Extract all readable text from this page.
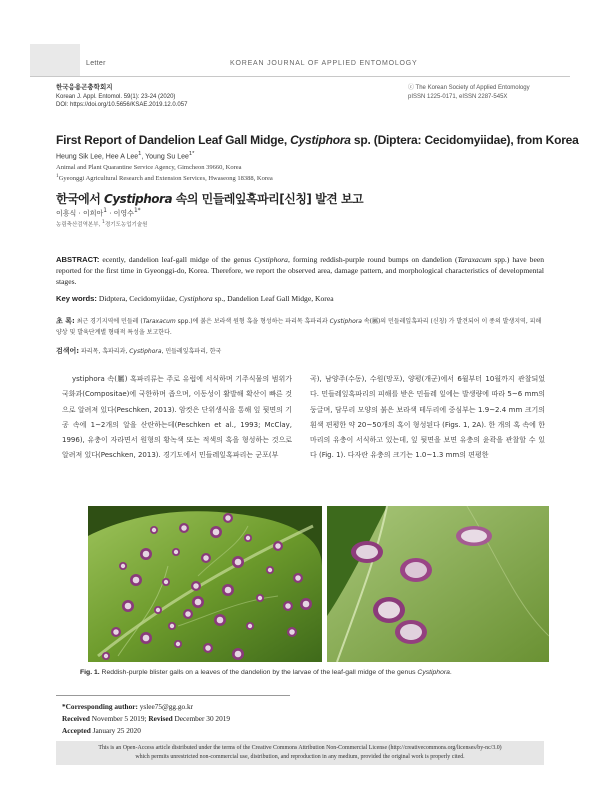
Letter	KOREAN JOURNAL OF APPLIED ENTOMOLOGY
한국응용곤충학회지
Korean J. Appl. Entomol. 59(1): 23-24 (2020)
DOI: https://doi.org/10.5656/KSAE.2019.12.0.057
ⓒ The Korean Society of Applied Entomology
pISSN 1225-0171, eISSN 2287-545X
First Report of Dandelion Leaf Gall Midge, Cystiphora sp. (Diptera: Cecidomyiidae), from Korea
Heung Sik Lee, Hee A Lee$^1$, Young Su Lee$^{1*}$
Animal and Plant Quarantine Service Agency, Gimcheon 39660, Korea
$^1$Gyeonggi Agricultural Research and Extension Services, Hwaseong 18388, Korea
한국에서 Cystiphora 속의 민들레잎혹파리[신칭] 발견 보고
이흥식 · 이희아$^1$ · 이영수$^{1*}$
농림축산검역본부, $^1$경기도농업기술원
ABSTRACT: ecently, dandelion leaf-gall midge of the genus Cystiphora, forming reddish-purple round bumps on dandelion (Taraxacum spp.) have been reported for the first time in Gyeonggi-do, Korea. Therefore, we report the observed area, damage pattern, and morphological characteristics of developmental stages.
Key words: Didptera, Cecidomyiidae, Cystiphora sp., Dandelion Leaf Gall Midge, Korea
초 록: 최근 경기지역에 민들레 (Taraxacum spp.)에 붉은 보라색 원형 혹을 형성하는 파리목 혹파리과 Cystiphora 속(屬)의 민들레잎혹파리 (신칭) 가 발견되어 이 종의 발생지역, 피해양상 및 발육단계별 형태적 특성을 보고한다.
검색어: 파리목, 혹파리과, Cystiphora, 민들레잎혹파리, 한국
ystiphora 속(屬) 혹파리류는 주로 유럽에 서식하며 기주식물의 범위가 국화과(Compositae)에 국한하며 좁으며, 이동성이 활발해 확산이 빠른 것으로 알려져 있다(Peschken, 2013). 암컷은 단위생식을 통해 잎 뒷면의 기공 속에 1~2개의 알을 산란하는데(Peschken et al., 1993; McClay, 1996), 유충이 자라면서 원형의 황녹색 또는 적색의 혹을 형성하는 것으로 알려져 있다(Peschken, 2013). 경기도에서 민들레잎혹파리는 군포(부
곡), 남양주(수동), 수원(망포), 양평(개군)에서 6월부터 10월까지 관찰되었다. 민들레잎혹파리의 피해를 받은 민들레 잎에는 발생량에 따라 5~6 mm의 둥글며, 담무리 모양의 붉은 보라색 테두리에 중심부는 1.9~2.4 mm 크기의 흰색 편평한 약 20~50개의 혹이 형성된다 (Figs. 1, 2A). 한 개의 혹 속에 한 마리의 유충이 서식하고 있는데, 잎 뒷면을 보면 유충의 윤곽을 관찰할 수 있다 (Fig. 1). 다자란 유충의 크기는 1.0~1.3 mm의 편평한
Fig. 1. Reddish-purple blister galls on a leaves of the dandelion by the larvae of the leaf-gall midge of the genus Cystiphora.
*Corresponding author: yslee75@gg.go.kr
Received November 5 2019; Revised December 30 2019
Accepted January 25 2020
This is an Open-Access article distributed under the terms of the Creative Commons Attribution Non-Commercial License (http://creativecommons.org/licenses/by-nc/3.0)
which permits unrestricted non-commercial use, distribution, and reproduction in any medium, provided the original work is properly cited.
